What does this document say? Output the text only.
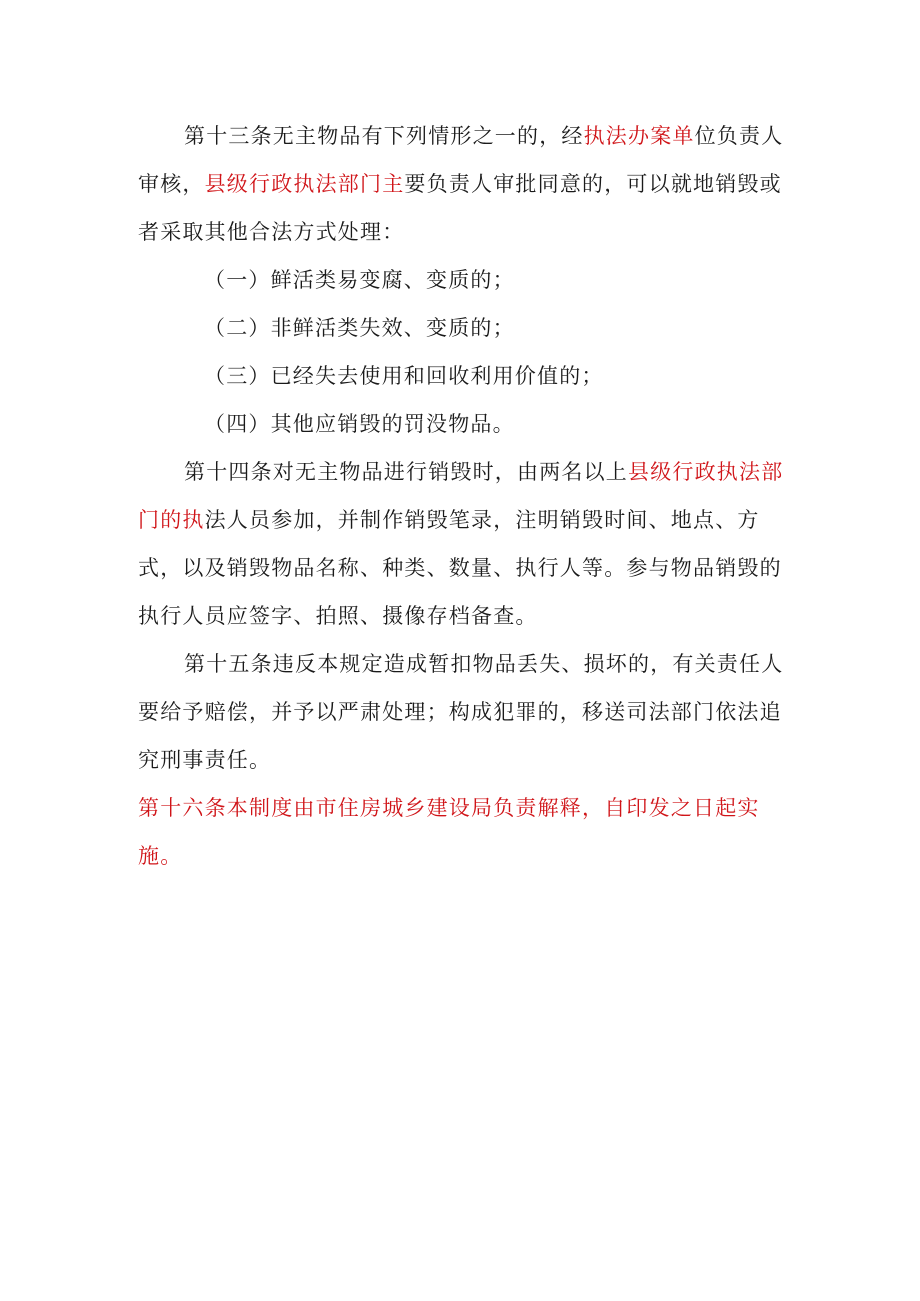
第十三条无主物品有下列情形之一的，经执法办案单位负责人审核，县级行政执法部门主要负责人审批同意的，可以就地销毁或者采取其他合法方式处理：

（一）鲜活类易变腐、变质的；

（二）非鲜活类失效、变质的；

（三）已经失去使用和回收利用价值的；

（四）其他应销毁的罚没物品。

第十四条对无主物品进行销毁时，由两名以上县级行政执法部门的执法人员参加，并制作销毁笔录，注明销毁时间、地点、方式，以及销毁物品名称、种类、数量、执行人等。参与物品销毁的执行人员应签字、拍照、摄像存档备查。

第十五条违反本规定造成暂扣物品丢失、损坏的，有关责任人要给予赔偿，并予以严肃处理；构成犯罪的，移送司法部门依法追究刑事责任。

第十六条本制度由市住房城乡建设局负责解释，自印发之日起实施。
